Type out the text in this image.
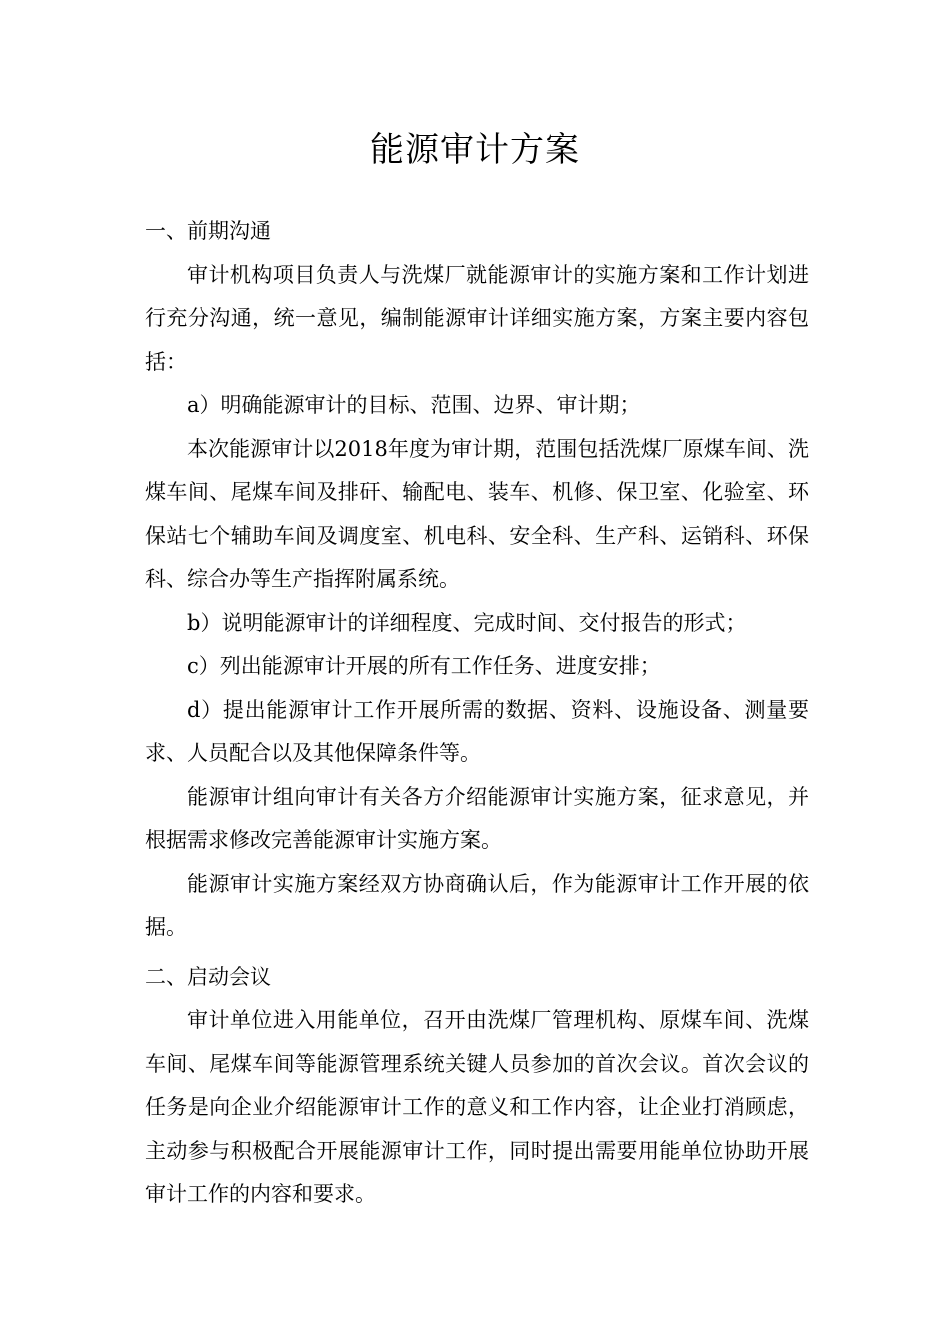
能源审计方案

一、前期沟通

审计机构项目负责人与洗煤厂就能源审计的实施方案和工作计划进行充分沟通，统一意见，编制能源审计详细实施方案，方案主要内容包括：

a）明确能源审计的目标、范围、边界、审计期；

本次能源审计以2018年度为审计期，范围包括洗煤厂原煤车间、洗煤车间、尾煤车间及排矸、输配电、装车、机修、保卫室、化验室、环保站七个辅助车间及调度室、机电科、安全科、生产科、运销科、环保科、综合办等生产指挥附属系统。

b）说明能源审计的详细程度、完成时间、交付报告的形式；

c）列出能源审计开展的所有工作任务、进度安排；

d）提出能源审计工作开展所需的数据、资料、设施设备、测量要求、人员配合以及其他保障条件等。

能源审计组向审计有关各方介绍能源审计实施方案，征求意见，并根据需求修改完善能源审计实施方案。

能源审计实施方案经双方协商确认后，作为能源审计工作开展的依据。

二、启动会议

审计单位进入用能单位，召开由洗煤厂管理机构、原煤车间、洗煤车间、尾煤车间等能源管理系统关键人员参加的首次会议。首次会议的任务是向企业介绍能源审计工作的意义和工作内容，让企业打消顾虑，主动参与积极配合开展能源审计工作，同时提出需要用能单位协助开展审计工作的内容和要求。
